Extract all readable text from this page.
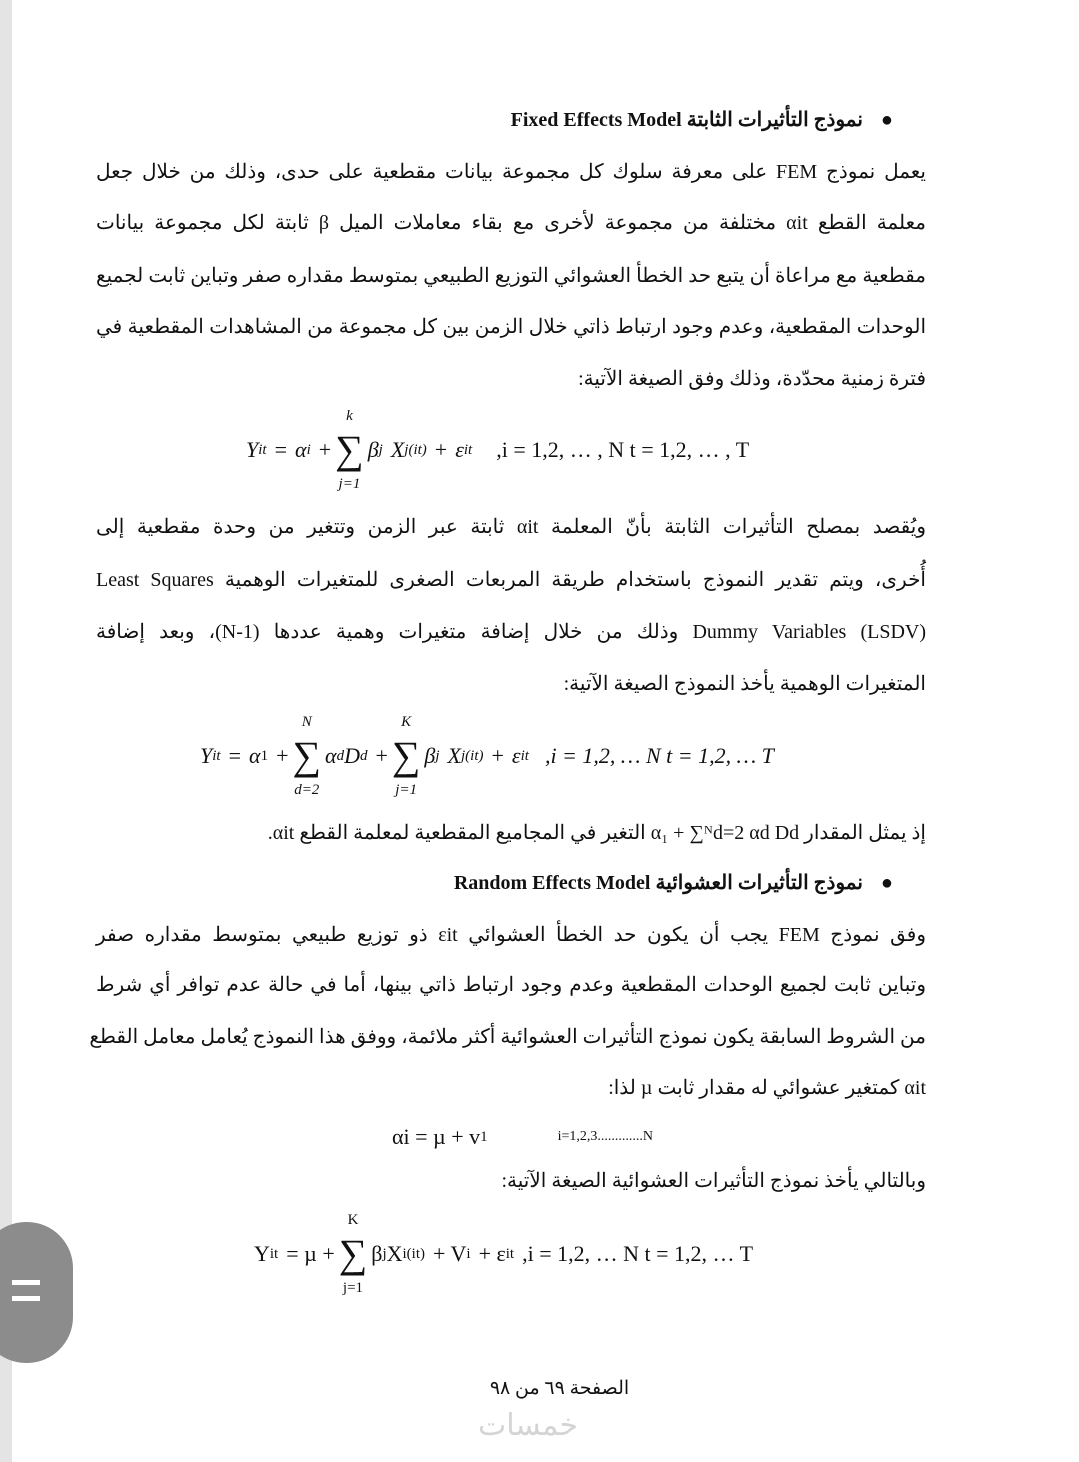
●نموذج التأثيرات الثابتة Fixed Effects Model
يعمل نموذج FEM على معرفة سلوك كل مجموعة بيانات مقطعية على حدى، وذلك من خلال جعل
معلمة القطع αit مختلفة من مجموعة لأخرى مع بقاء معاملات الميل β ثابتة لكل مجموعة بيانات
مقطعية مع مراعاة أن يتبع حد الخطأ العشوائي التوزيع الطبيعي بمتوسط مقداره صفر وتباين ثابت لجميع
الوحدات المقطعية، وعدم وجود ارتباط ذاتي خلال الزمن بين كل مجموعة من المشاهدات المقطعية في
فترة زمنية محدّدة، وذلك وفق الصيغة الآتية:
Y it = α i +
k
∑
j=1
β j X j(it) + ε it ,i = 1,2, … , N t = 1,2, … , T
ويُقصد بمصلح التأثيرات الثابتة بأنّ المعلمة αit ثابتة عبر الزمن وتتغير من وحدة مقطعية إلى
أُخرى، ويتم تقدير النموذج باستخدام طريقة المربعات الصغرى للمتغيرات الوهمية Least Squares
(LSDV) Dummy Variables وذلك من خلال إضافة متغيرات وهمية عددها (N-1)، وبعد إضافة
المتغيرات الوهمية يأخذ النموذج الصيغة الآتية:
Y it = α 1 +
N
∑
d=2
α d D d +
K
∑
j=1
β j X j(it) + ε it ,i = 1,2, … N t = 1,2, … T
إذ يمثل المقدار α₁ + ∑ᴺd=2 αd Dd التغير في المجاميع المقطعية لمعلمة القطع αit.
●نموذج التأثيرات العشوائية Random Effects Model
وفق نموذج FEM يجب أن يكون حد الخطأ العشوائي εit ذو توزيع طبيعي بمتوسط مقداره صفر
وتباين ثابت لجميع الوحدات المقطعية وعدم وجود ارتباط ذاتي بينها، أما في حالة عدم توافر أي شرط
من الشروط السابقة يكون نموذج التأثيرات العشوائية أكثر ملائمة، ووفق هذا النموذج يُعامل معامل القطع
αit كمتغير عشوائي له مقدار ثابت µ لذا:
αi = µ + v 1	i=1,2,3.............N
وبالتالي يأخذ نموذج التأثيرات العشوائية الصيغة الآتية:
Y it = µ +
K
∑
j=1
β j X i(it) + V i + ε it ,i = 1,2, … N t = 1,2, … T
الصفحة ٦٩ من ٩٨
خمسات
